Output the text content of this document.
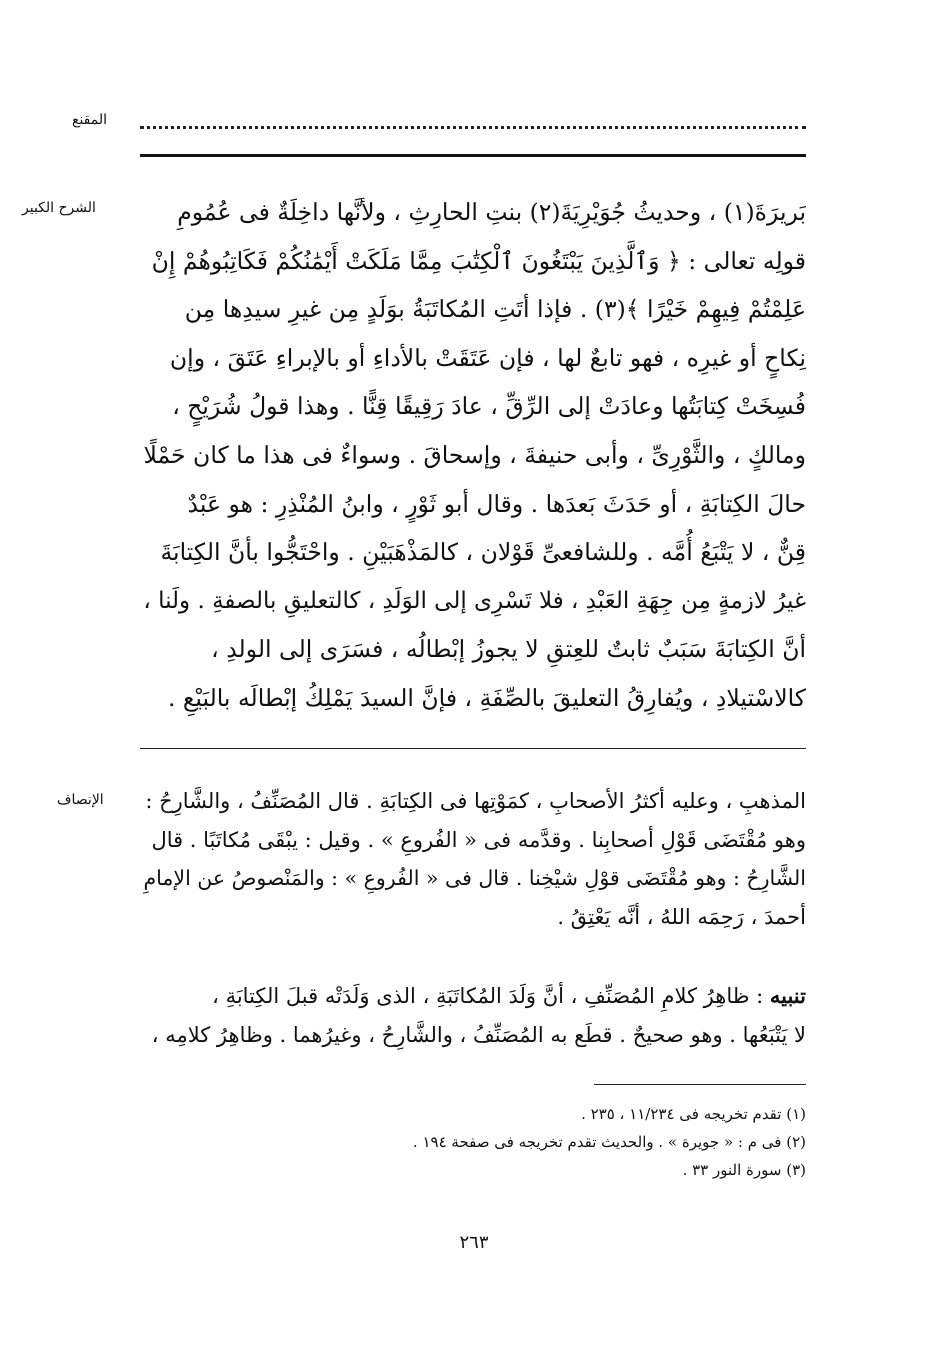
المقنع
الشرح الكبير	بَريرَةَ(١) ، وحديثُ جُوَيْرِيَةَ(٢) بنتِ الحارِثِ ، ولأنَّها داخِلَةٌ فى عُمُومِ
قولِه تعالى : ﴿ وَٱلَّذِينَ يَبْتَغُونَ ٱلْكِتَٰبَ مِمَّا مَلَكَتْ أَيْمَٰنُكُمْ فَكَاتِبُوهُمْ إِنْ
عَلِمْتُمْ فِيهِمْ خَيْرًا ﴾(٣) . فإذا أتَتِ المُكاتَبَةُ بوَلَدٍ مِن غيرِ سيدِها مِن
نِكاحٍ أو غيرِه ، فهو تابعٌ لها ، فإن عَتَقَتْ بالأداءِ أو بالإبراءِ عَتَقَ ، وإن
فُسِخَتْ كِتابَتُها وعادَتْ إلى الرِّقِّ ، عادَ رَقِيقًا قِنًّا . وهذا قولُ شُرَيْحٍ ،
ومالكٍ ، والثَّوْرِىِّ ، وأبى حنيفةَ ، وإسحاقَ . وسواءٌ فى هذا ما كان حَمْلًا
حالَ الكِتابَةِ ، أو حَدَثَ بَعدَها . وقال أبو ثَوْرٍ ، وابنُ المُنْذِرِ : هو عَبْدٌ
قِنٌّ ، لا يَتْبَعُ أُمَّه . وللشافعىِّ قَوْلان ، كالمَذْهَبَيْنِ . واحْتَجُّوا بأنَّ الكِتابَةَ
غيرُ لازمةٍ مِن جِهَةِ العَبْدِ ، فلا تَسْرِى إلى الوَلَدِ ، كالتعليقِ بالصفةِ . ولَنا ،
أنَّ الكِتابَةَ سَبَبٌ ثابتٌ للعِتقِ لا يجوزُ إبْطالُه ، فسَرَى إلى الولدِ ،
كالاسْتيلادِ ، ويُفارِقُ التعليقَ بالصِّفَةِ ، فإنَّ السيدَ يَمْلِكُ إبْطالَه بالبَيْعِ .
الإنصاف المذهبِ ، وعليه أكثرُ الأصحابِ ، كمَوْتِها فى الكِتابَةِ . قال المُصَنِّفُ ، والشَّارِحُ :
وهو مُقْتَضَى قَوْلِ أصحابِنا . وقدَّمه فى « الفُروعِ » . وقيل : يبْقَى مُكاتَبًا . قال
الشَّارِحُ : وهو مُقْتَضَى قوْلِ شيْخِنا . قال فى « الفُروعِ » : والمَنْصوصُ عن الإمامِ
أحمدَ ، رَحِمَه اللهُ ، أنَّه يَعْتِقُ .
تنبيه : ظاهِرُ كلامِ المُصَنِّفِ ، أنَّ وَلَدَ المُكاتَبَةِ ، الذى وَلَدَتْه قبلَ الكِتابَةِ ،
لا يَتْبَعُها . وهو صحيحٌ . قطَع به المُصَنِّفُ ، والشَّارِحُ ، وغيرُهما . وظاهِرُ كلامِه ،
(١) تقدم تخريجه فى ١١/٢٣٤ ، ٢٣٥ .
(٢) فى م : « جويرة » . والحديث تقدم تخريجه فى صفحة ١٩٤ .
(٣) سورة النور ٣٣ .
٢٦٣
